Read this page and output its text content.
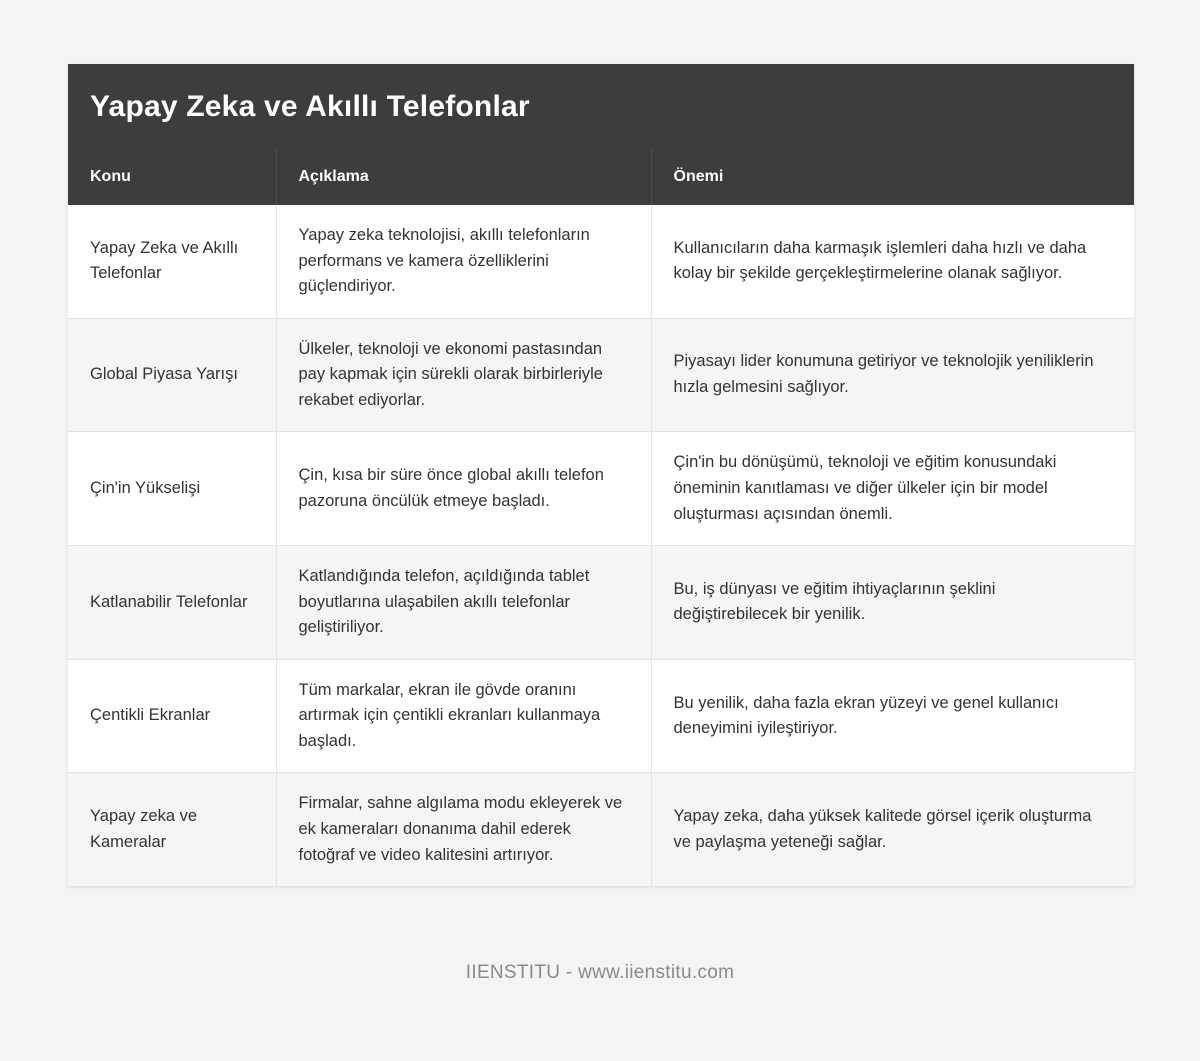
Yapay Zeka ve Akıllı Telefonlar
Konu	Açıklama	Önemi
Yapay Zeka ve Akıllı Telefonlar	Yapay zeka teknolojisi, akıllı telefonların performans ve kamera özelliklerini güçlendiriyor.	Kullanıcıların daha karmaşık işlemleri daha hızlı ve daha kolay bir şekilde gerçekleştirmelerine olanak sağlıyor.
Global Piyasa Yarışı	Ülkeler, teknoloji ve ekonomi pastasından pay kapmak için sürekli olarak birbirleriyle rekabet ediyorlar.	Piyasayı lider konumuna getiriyor ve teknolojik yeniliklerin hızla gelmesini sağlıyor.
Çin'in Yükselişi	Çin, kısa bir süre önce global akıllı telefon pazoruna öncülük etmeye başladı.	Çin'in bu dönüşümü, teknoloji ve eğitim konusundaki öneminin kanıtlaması ve diğer ülkeler için bir model oluşturması açısından önemli.
Katlanabilir Telefonlar	Katlandığında telefon, açıldığında tablet boyutlarına ulaşabilen akıllı telefonlar geliştiriliyor.	Bu, iş dünyası ve eğitim ihtiyaçlarının şeklini değiştirebilecek bir yenilik.
Çentikli Ekranlar	Tüm markalar, ekran ile gövde oranını artırmak için çentikli ekranları kullanmaya başladı.	Bu yenilik, daha fazla ekran yüzeyi ve genel kullanıcı deneyimini iyileştiriyor.
Yapay zeka ve Kameralar	Firmalar, sahne algılama modu ekleyerek ve ek kameraları donanıma dahil ederek fotoğraf ve video kalitesini artırıyor.	Yapay zeka, daha yüksek kalitede görsel içerik oluşturma ve paylaşma yeteneği sağlar.
IIENSTITU - www.iienstitu.com
